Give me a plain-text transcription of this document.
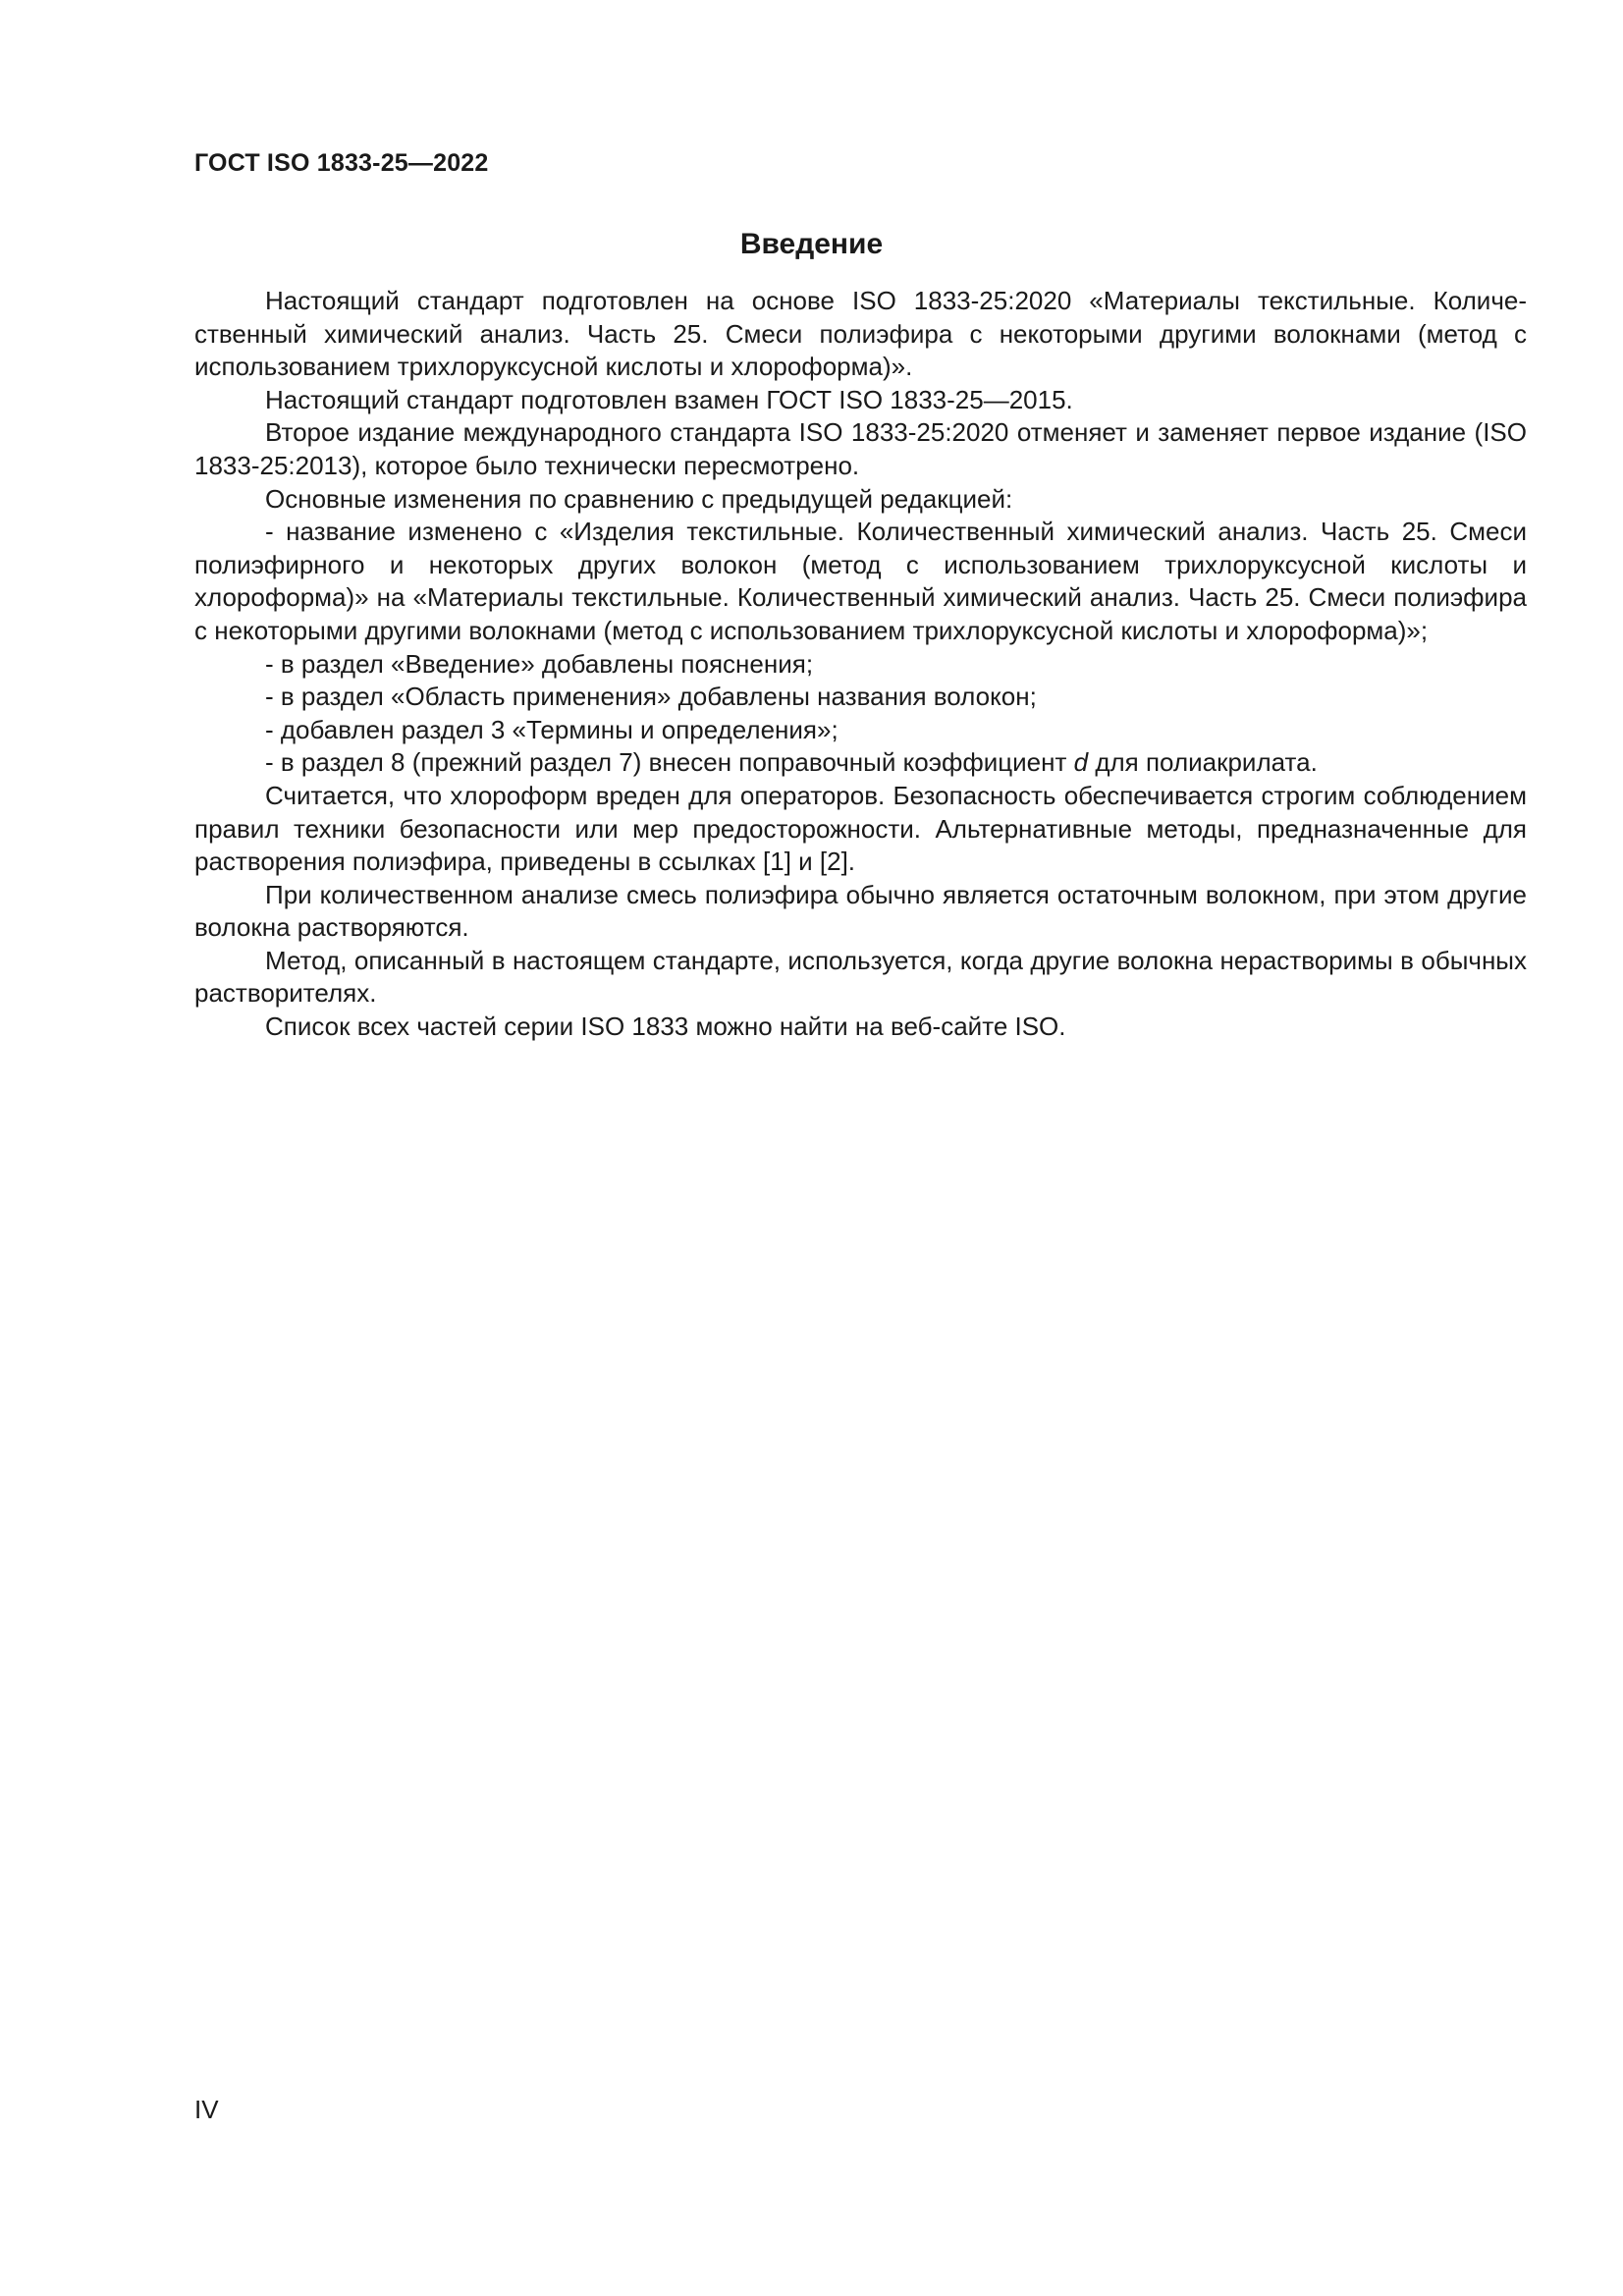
ГОСТ ISO 1833-25—2022
Введение

Настоящий стандарт подготовлен на основе ISO 1833-25:2020 «Материалы текстильные. Количественный химический анализ. Часть 25. Смеси полиэфира с некоторыми другими волокнами (метод с использованием трихлоруксусной кислоты и хлороформа)».

Настоящий стандарт подготовлен взамен ГОСТ ISO 1833-25—2015.

Второе издание международного стандарта ISO 1833-25:2020 отменяет и заменяет первое издание (ISO 1833-25:2013), которое было технически пересмотрено.

Основные изменения по сравнению с предыдущей редакцией:

- название изменено с «Изделия текстильные. Количественный химический анализ. Часть 25. Смеси полиэфирного и некоторых других волокон (метод с использованием трихлоруксусной кислоты и хлороформа)» на «Материалы текстильные. Количественный химический анализ. Часть 25. Смеси полиэфира с некоторыми другими волокнами (метод с использованием трихлоруксусной кислоты и хлороформа)»;

- в раздел «Введение» добавлены пояснения;

- в раздел «Область применения» добавлены названия волокон;

- добавлен раздел 3 «Термины и определения»;

- в раздел 8 (прежний раздел 7) внесен поправочный коэффициент d для полиакрилата.

Считается, что хлороформ вреден для операторов. Безопасность обеспечивается строгим соблюдением правил техники безопасности или мер предосторожности. Альтернативные методы, предназначенные для растворения полиэфира, приведены в ссылках [1] и [2].

При количественном анализе смесь полиэфира обычно является остаточным волокном, при этом другие волокна растворяются.

Метод, описанный в настоящем стандарте, используется, когда другие волокна нерастворимы в обычных растворителях.

Список всех частей серии ISO 1833 можно найти на веб-сайте ISO.

IV
